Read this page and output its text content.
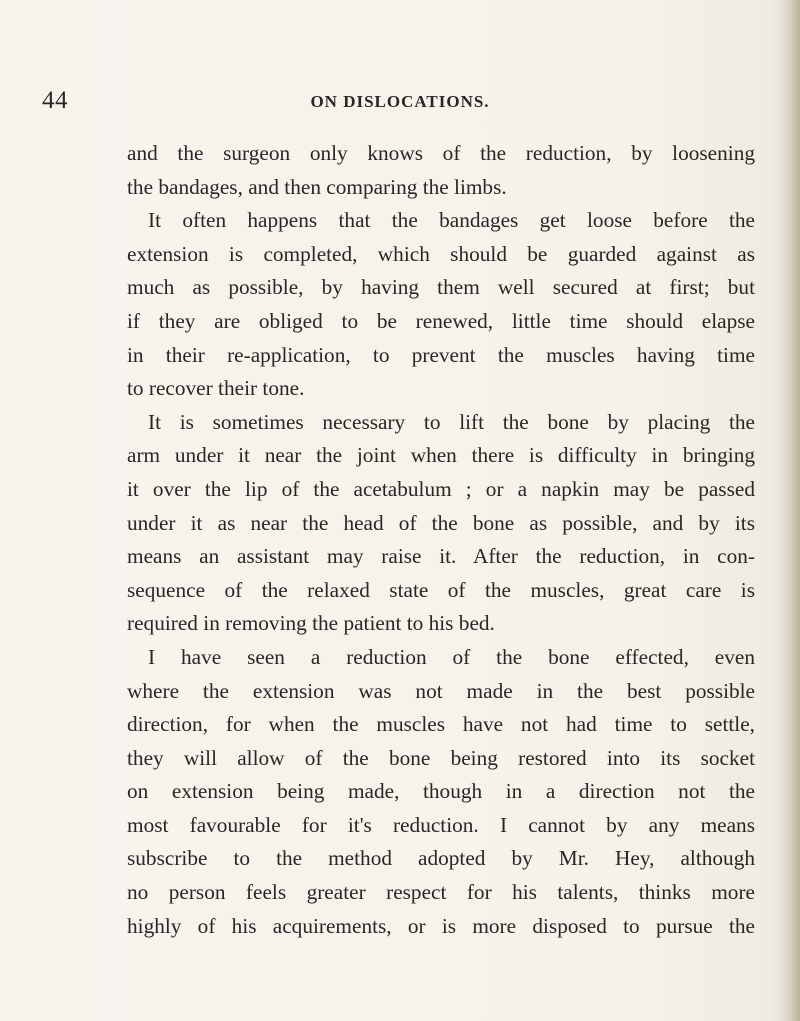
44	ON DISLOCATIONS.
and the surgeon only knows of the reduction, by loosening
the bandages, and then comparing the limbs.
It often happens that the bandages get loose before the
extension is completed, which should be guarded against as
much as possible, by having them well secured at first; but
if they are obliged to be renewed, little time should elapse
in their re-application, to prevent the muscles having time
to recover their tone.
It is sometimes necessary to lift the bone by placing the
arm under it near the joint when there is difficulty in bringing
it over the lip of the acetabulum ; or a napkin may be passed
under it as near the head of the bone as possible, and by its
means an assistant may raise it. After the reduction, in con-
sequence of the relaxed state of the muscles, great care is
required in removing the patient to his bed.
I have seen a reduction of the bone effected, even
where the extension was not made in the best possible
direction, for when the muscles have not had time to settle,
they will allow of the bone being restored into its socket
on extension being made, though in a direction not the
most favourable for it's reduction. I cannot by any means
subscribe to the method adopted by Mr. Hey, although
no person feels greater respect for his talents, thinks more
highly of his acquirements, or is more disposed to pursue the
